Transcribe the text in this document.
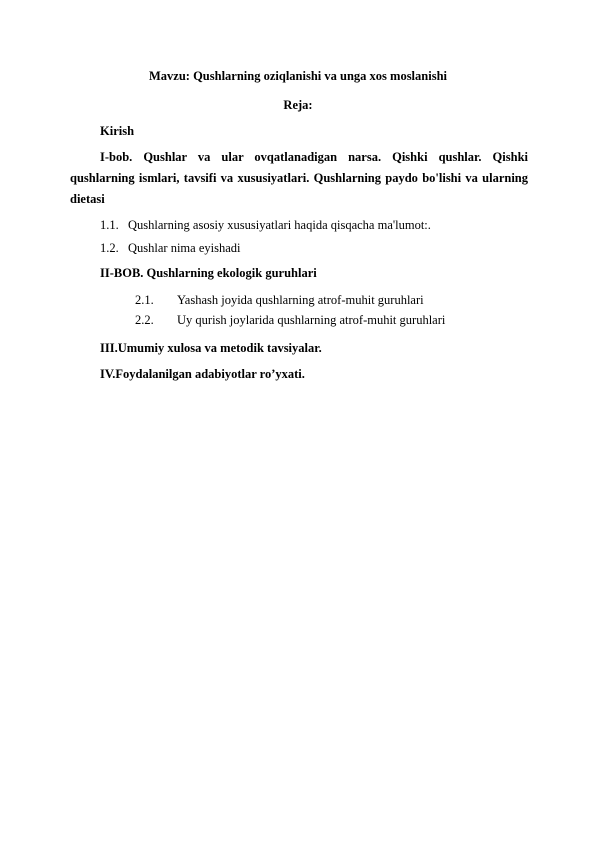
Mavzu: Qushlarning oziqlanishi va unga xos moslanishi
Reja:
Kirish
I-bob. Qushlar va ular ovqatlanadigan narsa. Qishki qushlar. Qishki qushlarning ismlari, tavsifi va xususiyatlari. Qushlarning paydo bo'lishi va ularning dietasi
1.1. Qushlarning asosiy xususiyatlari haqida qisqacha ma'lumot:.
1.2. Qushlar nima eyishadi
II-BOB. Qushlarning ekologik guruhlari
2.1. Yashash joyida qushlarning atrof-muhit guruhlari
2.2. Uy qurish joylarida qushlarning atrof-muhit guruhlari
III.Umumiy xulosa va metodik tavsiyalar.
IV.Foydalanilgan adabiyotlar ro’yxati.
